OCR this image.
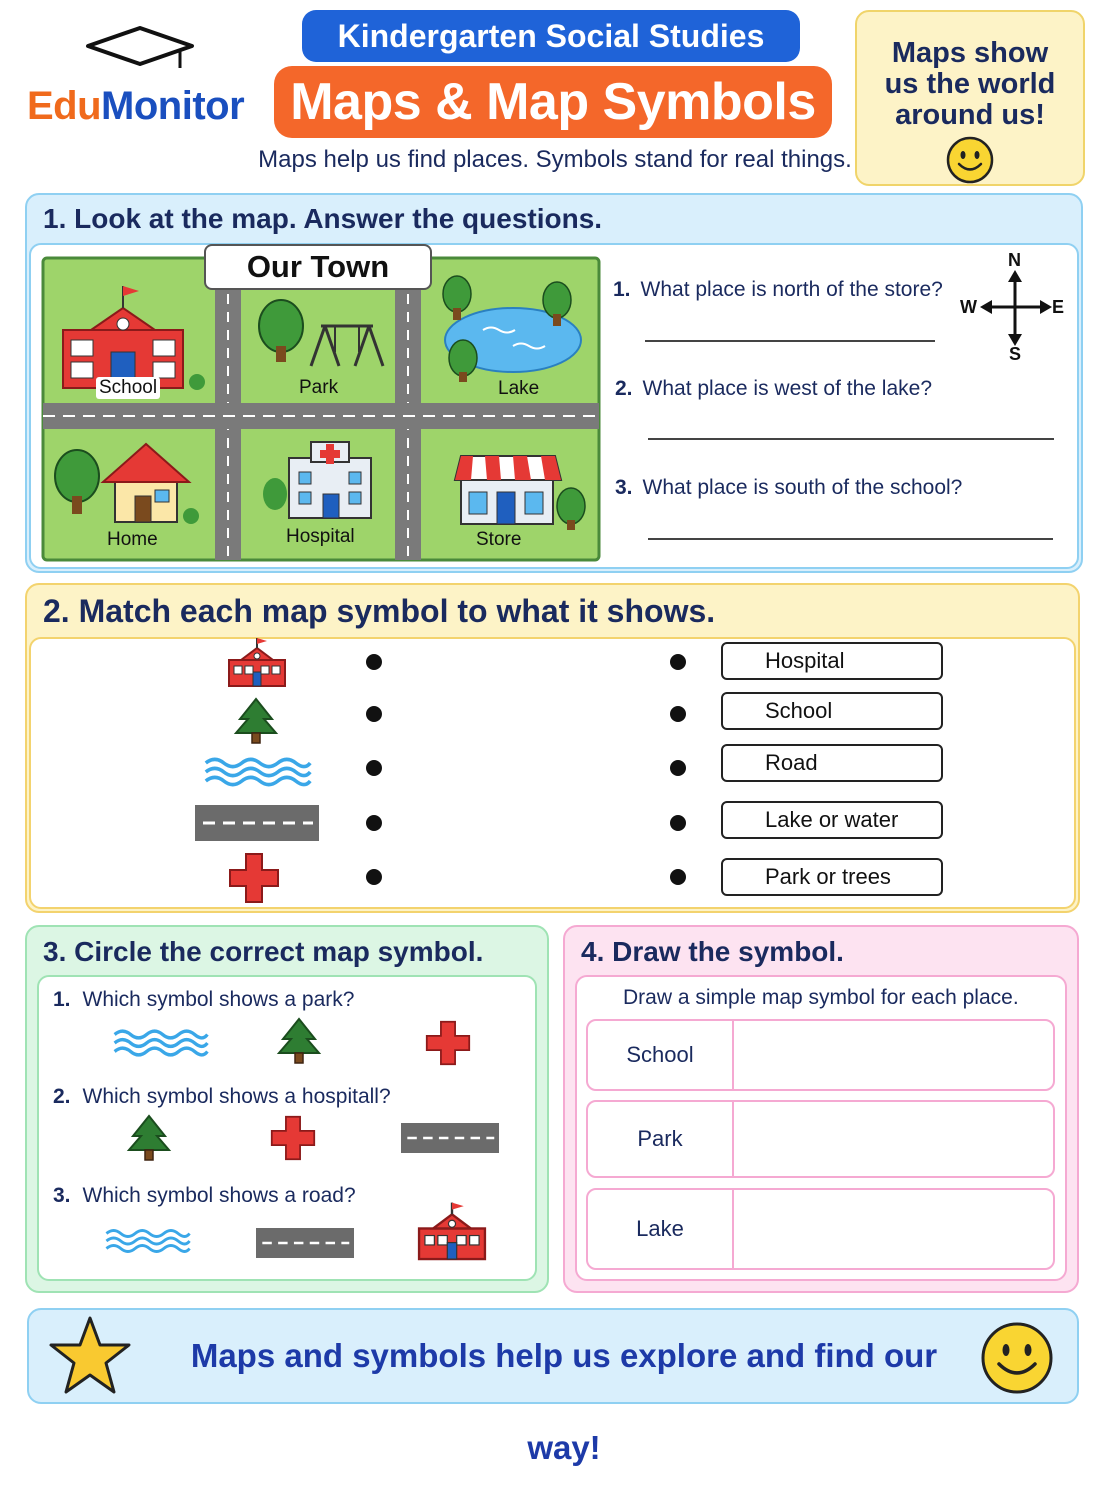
EduMonitor
Kindergarten Social Studies
Maps & Map Symbols
Maps help us find places. Symbols stand for real things.
Maps show
us the world
around us!
1. Look at the map. Answer the questions.
Our Town
School	Park	Lake
Home	Hospital	Store
1. What place is north of the store?
2. What place is west of the lake?
3. What place is south of the school?
N
S
W	E
2. Match each map symbol to what it shows.
Hospital
School
Road
Lake or water
Park or trees
3. Circle the correct map symbol.
1. Which symbol shows a park?
2. Which symbol shows a hospitall?
3. Which symbol shows a road?
4. Draw the symbol.
Draw a simple map symbol for each place.
School
Park
Lake
Maps and symbols help us explore and find our way!
